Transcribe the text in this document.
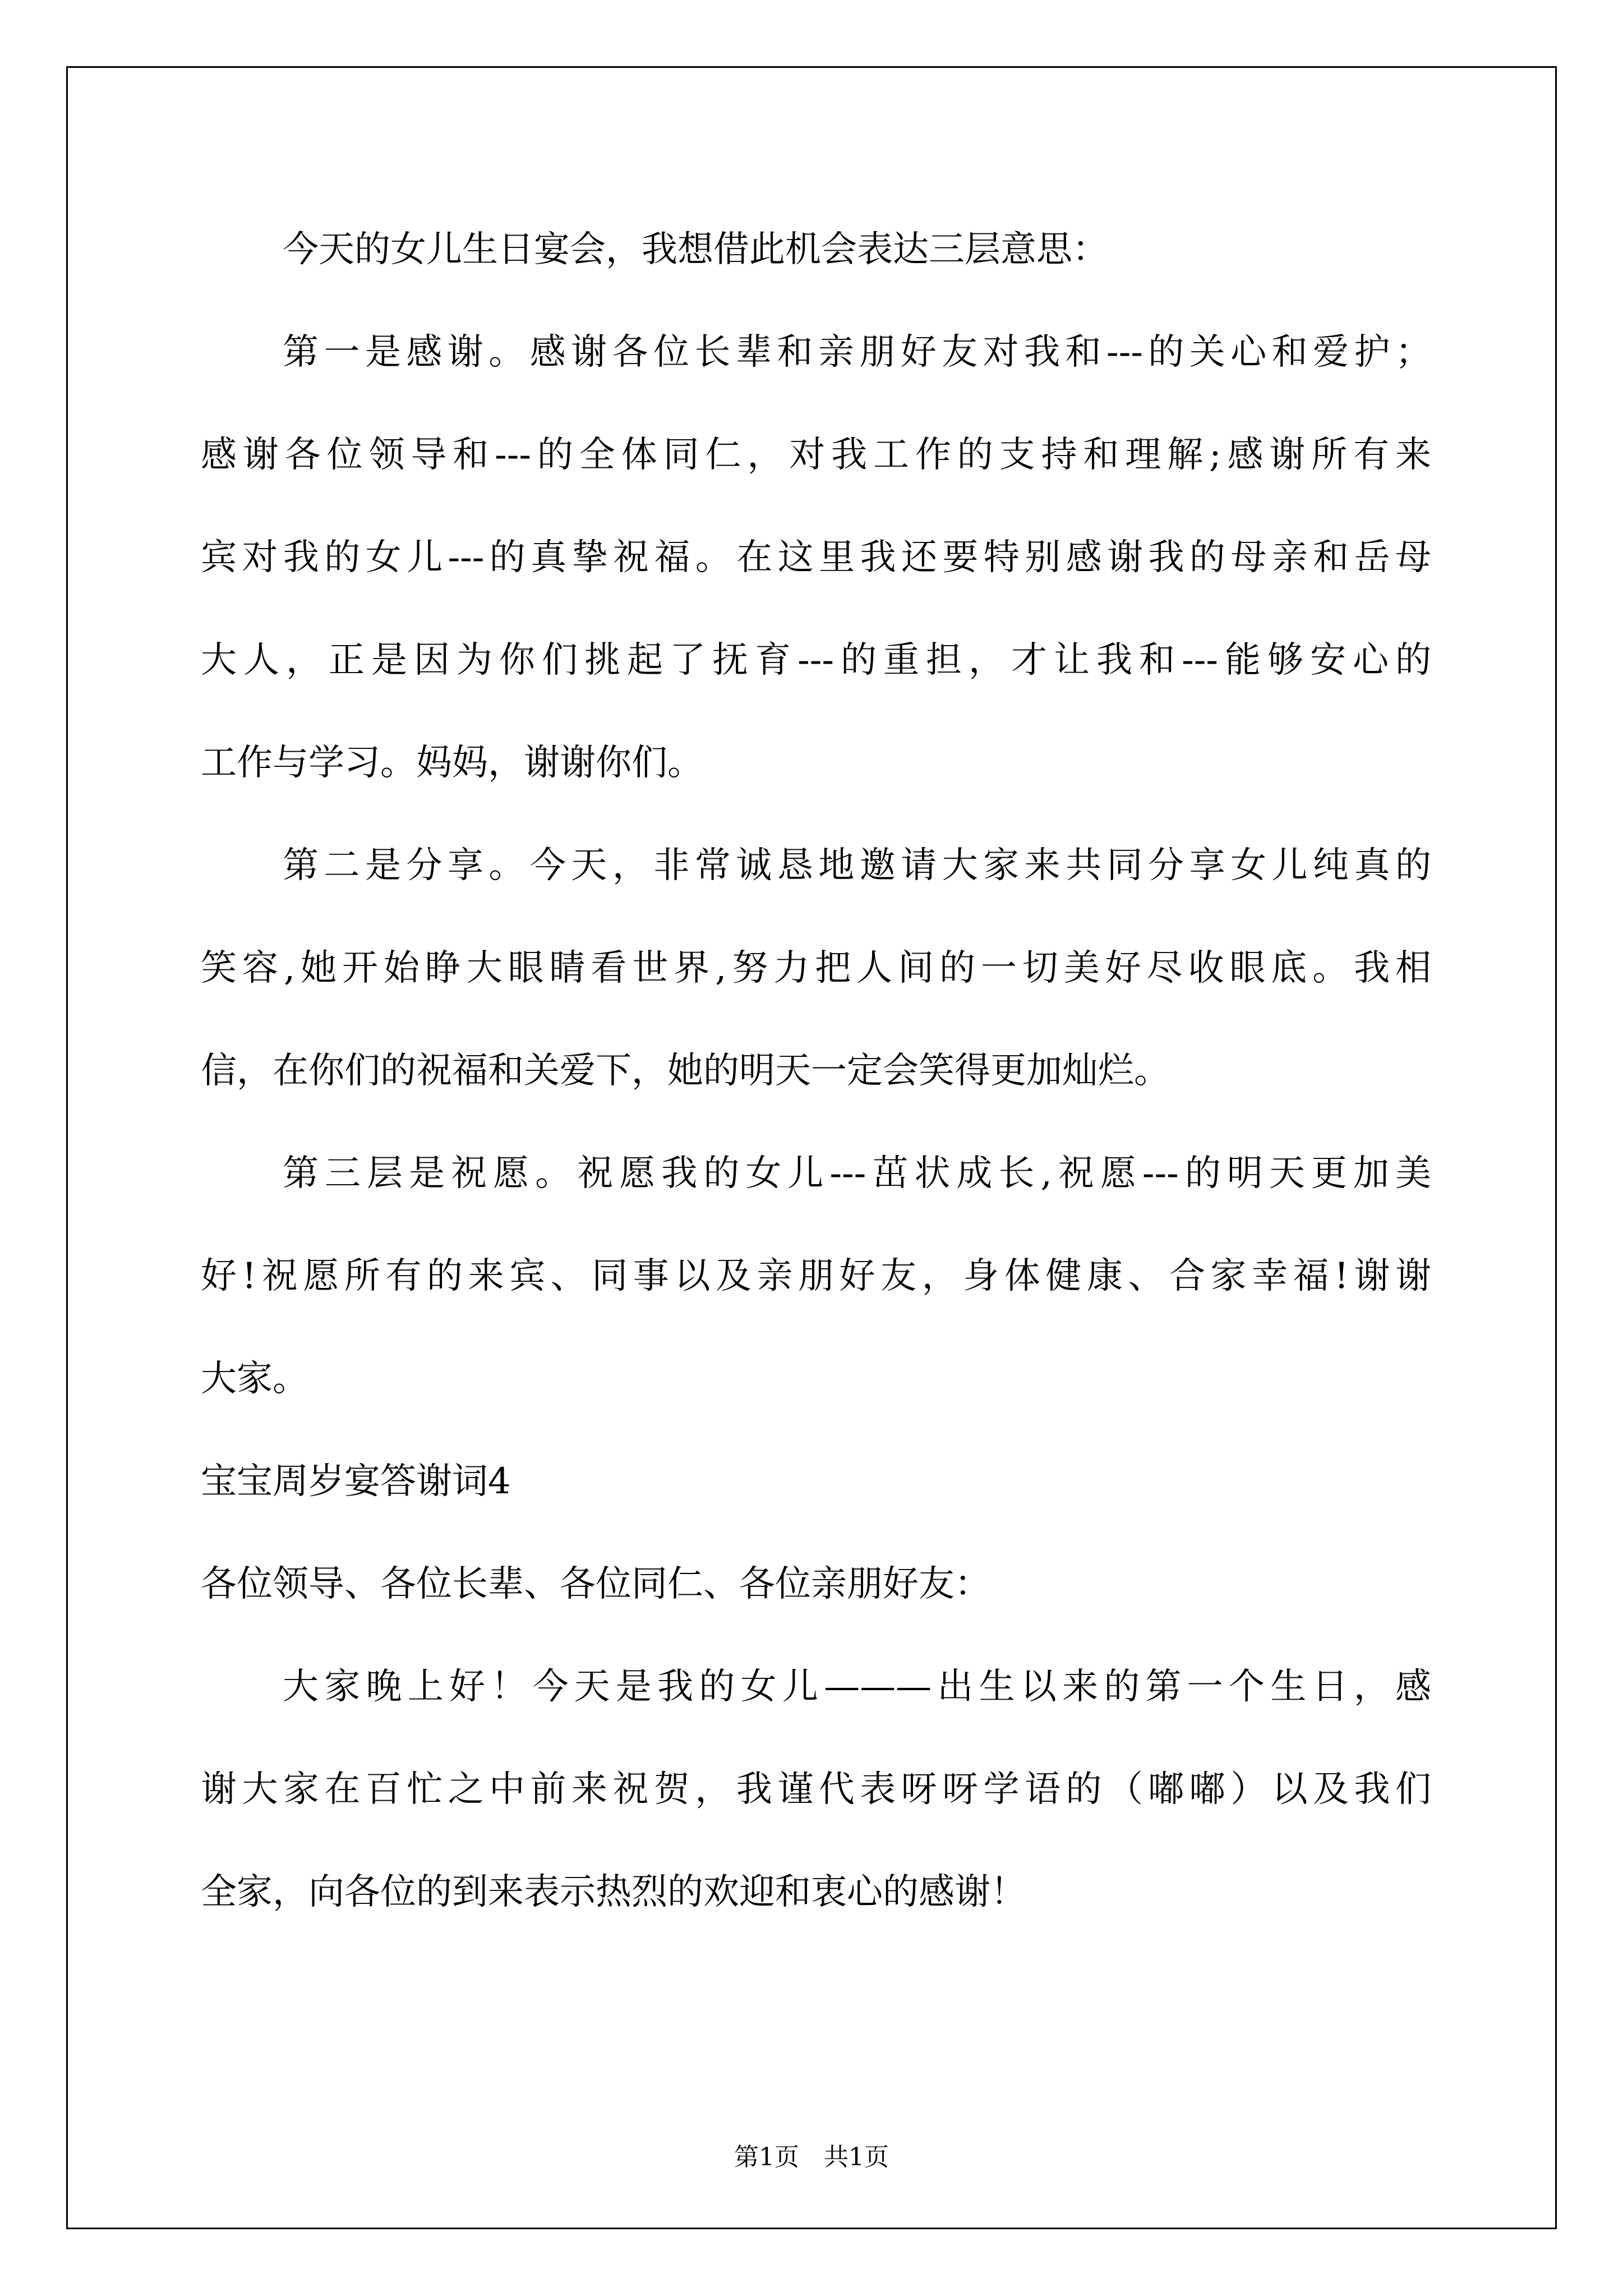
今天的女儿生日宴会，我想借此机会表达三层意思：
第一是感谢。感谢各位长辈和亲朋好友对我和---的关心和爱护；
感谢各位领导和---的全体同仁，对我工作的支持和理解;感谢所有来
宾对我的女儿---的真挚祝福。在这里我还要特别感谢我的母亲和岳母
大人，正是因为你们挑起了抚育---的重担，才让我和---能够安心的
工作与学习。妈妈，谢谢你们。
第二是分享。今天，非常诚恳地邀请大家来共同分享女儿纯真的
笑容,她开始睁大眼睛看世界,努力把人间的一切美好尽收眼底。我相
信，在你们的祝福和关爱下，她的明天一定会笑得更加灿烂。
第三层是祝愿。祝愿我的女儿---茁状成长,祝愿---的明天更加美
好!祝愿所有的来宾、同事以及亲朋好友，身体健康、合家幸福!谢谢
大家。
宝宝周岁宴答谢词4
各位领导、各位长辈、各位同仁、各位亲朋好友：
大家晚上好！今天是我的女儿———出生以来的第一个生日，感
谢大家在百忙之中前来祝贺，我谨代表呀呀学语的（嘟嘟）以及我们
全家，向各位的到来表示热烈的欢迎和衷心的感谢！
第1页　共1页
